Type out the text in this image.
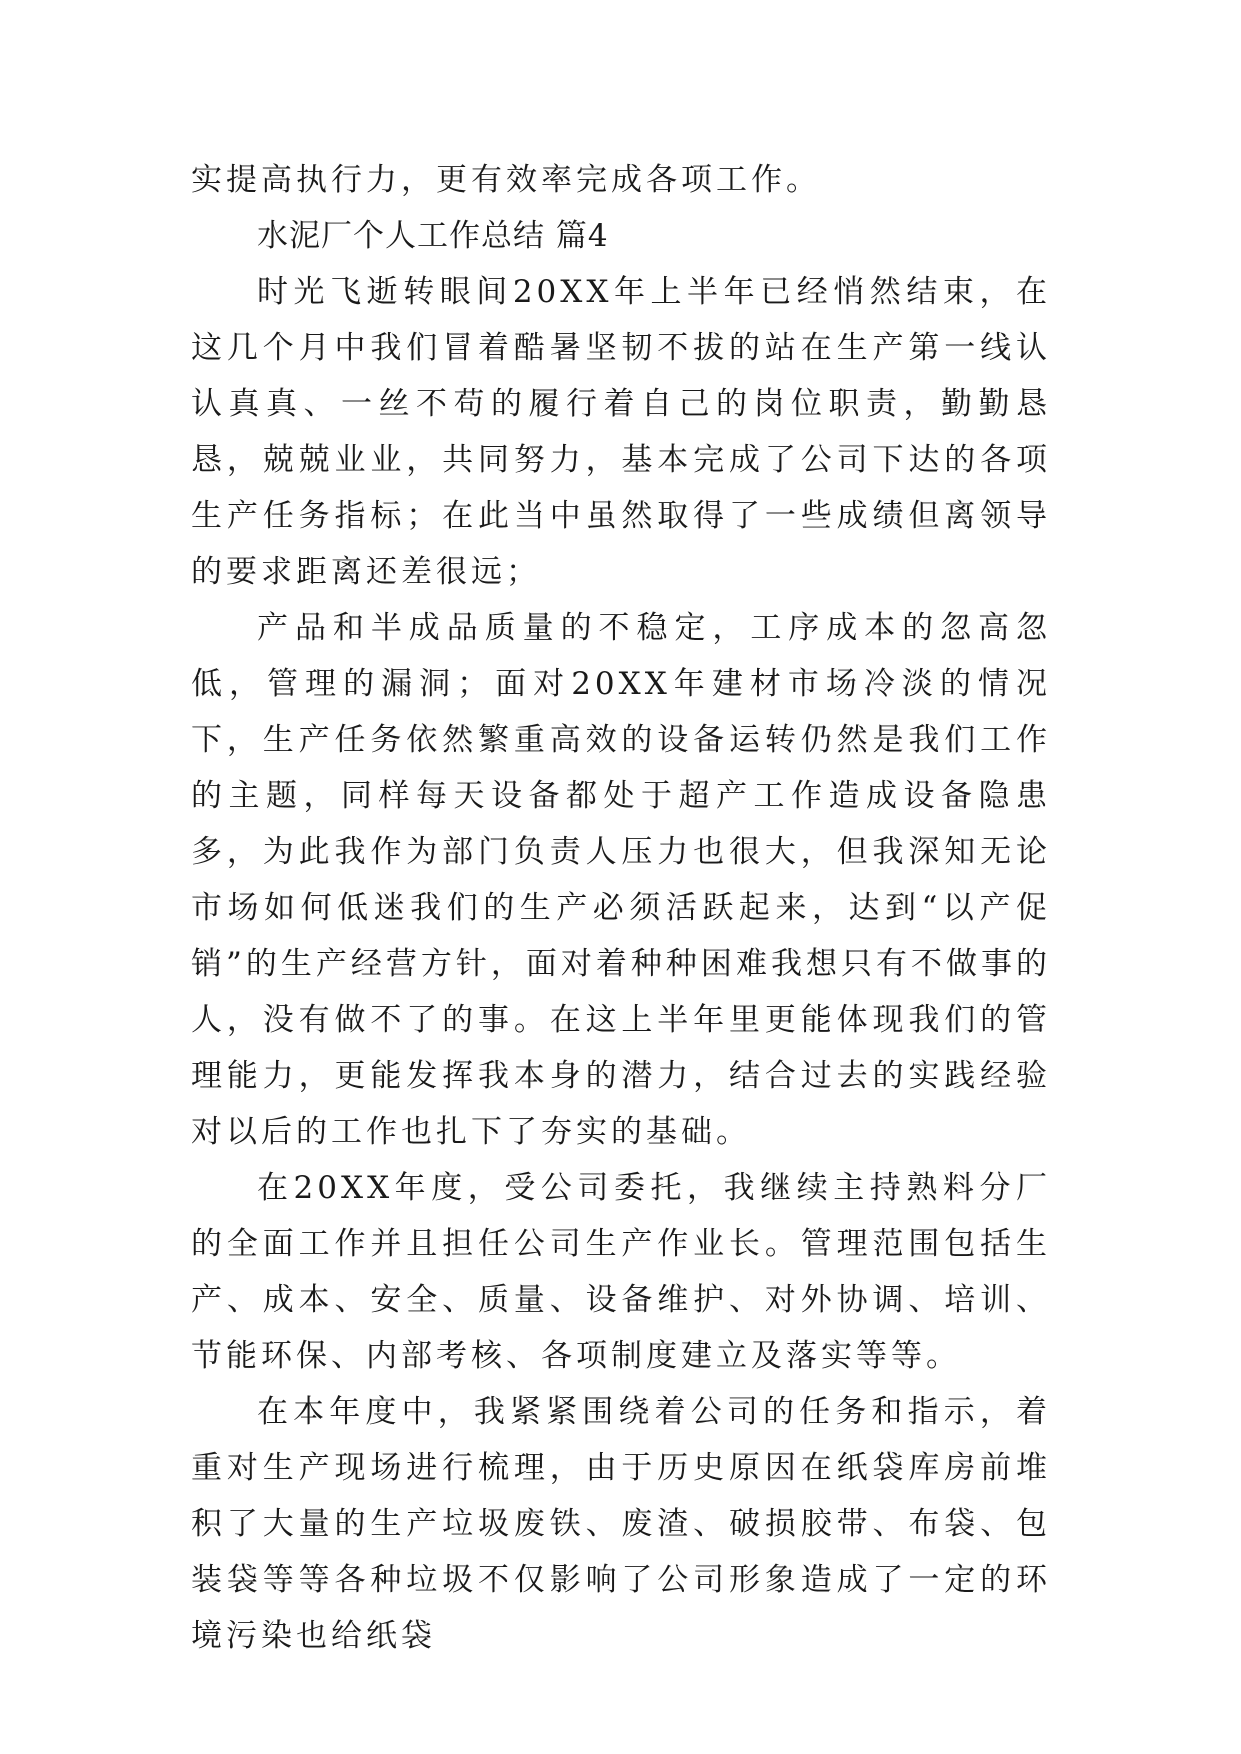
实提高执行力，更有效率完成各项工作。

水泥厂个人工作总结 篇4

时光飞逝转眼间20XX年上半年已经悄然结束，在这几个月中我们冒着酷暑坚韧不拔的站在生产第一线认认真真、一丝不苟的履行着自己的岗位职责，勤勤恳恳，兢兢业业，共同努力，基本完成了公司下达的各项生产任务指标；在此当中虽然取得了一些成绩但离领导的要求距离还差很远；

产品和半成品质量的不稳定，工序成本的忽高忽低，管理的漏洞；面对20XX年建材市场冷淡的情况下，生产任务依然繁重高效的设备运转仍然是我们工作的主题，同样每天设备都处于超产工作造成设备隐患多，为此我作为部门负责人压力也很大，但我深知无论市场如何低迷我们的生产必须活跃起来，达到“以产促销”的生产经营方针，面对着种种困难我想只有不做事的人，没有做不了的事。在这上半年里更能体现我们的管理能力，更能发挥我本身的潜力，结合过去的实践经验对以后的工作也扎下了夯实的基础。

在20XX年度，受公司委托，我继续主持熟料分厂的全面工作并且担任公司生产作业长。管理范围包括生产、成本、安全、质量、设备维护、对外协调、培训、节能环保、内部考核、各项制度建立及落实等等。

在本年度中，我紧紧围绕着公司的任务和指示，着重对生产现场进行梳理，由于历史原因在纸袋库房前堆积了大量的生产垃圾废铁、废渣、破损胶带、布袋、包装袋等等各种垃圾不仅影响了公司形象造成了一定的环境污染也给纸袋
